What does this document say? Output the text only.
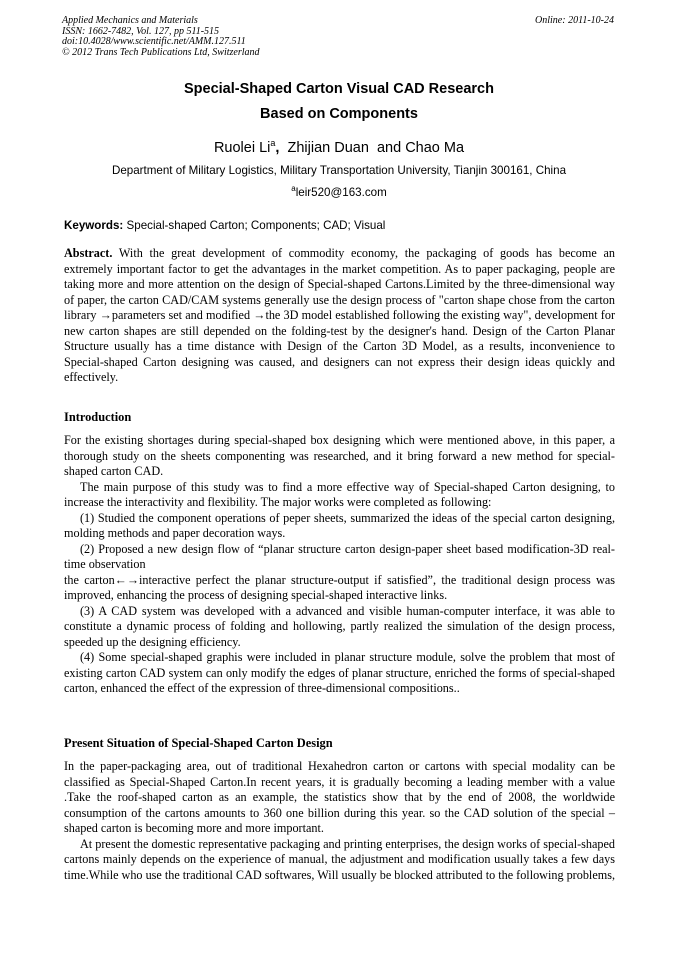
Applied Mechanics and Materials
ISSN: 1662-7482, Vol. 127, pp 511-515
doi:10.4028/www.scientific.net/AMM.127.511
© 2012 Trans Tech Publications Ltd, Switzerland
Online: 2011-10-24
Special-Shaped Carton Visual CAD Research
Based on Components
Ruolei Li$^a$, Zhijian Duan and Chao Ma
Department of Military Logistics, Military Transportation University, Tianjin 300161, China
$^a$leir520@163.com
Keywords: Special-shaped Carton; Components; CAD; Visual

Abstract. With the great development of commodity economy, the packaging of goods has become an extremely important factor to get the advantages in the market competition. As to paper packaging, people are taking more and more attention on the design of Special-shaped Cartons.Limited by the three-dimensional way of paper, the carton CAD/CAM systems generally use the design process of "carton shape chose from the carton library →parameters set and modified →the 3D model established following the existing way", development for new carton shapes are still depended on the folding-test by the designer's hand. Design of the Carton Planar Structure usually has a time distance with Design of the Carton 3D Model, as a results, inconvenience to Special-shaped Carton designing was caused, and designers can not express their design ideas quickly and effectively.

Introduction

For the existing shortages during special-shaped box designing which were mentioned above, in this paper, a thorough study on the sheets componenting was researched, and it bring forward a new method for special-shaped carton CAD.

The main purpose of this study was to find a more effective way of Special-shaped Carton designing, to increase the interactivity and flexibility. The major works were completed as following:

(1) Studied the component operations of peper sheets, summarized the ideas of the special carton designing, molding methods and paper decoration ways.

(2) Proposed a new design flow of “planar structure carton design-paper sheet based modification-3D real-time observation

the carton←→interactive perfect the planar structure-output if satisfied”, the traditional design process was improved, enhancing the process of designing special-shaped interactive links.

(3) A CAD system was developed with a advanced and visible human-computer interface, it was able to constitute a dynamic process of folding and hollowing, partly realized the simulation of the design process, speeded up the designing efficiency.

(4) Some special-shaped graphis were included in planar structure module, solve the problem that most of existing carton CAD system can only modify the edges of planar structure, enriched the forms of special-shaped carton, enhanced the effect of the expression of three-dimensional compositions..

Present Situation of Special-Shaped Carton Design

In the paper-packaging area, out of traditional Hexahedron carton or cartons with special modality can be classified as Special-Shaped Carton.In recent years, it is gradually becoming a leading member with a value .Take the roof-shaped carton as an example, the statistics show that by the end of 2008, the worldwide consumption of the cartons amounts to 360 one billion during this year. so the CAD solution of the special –shaped carton is becoming more and more important.

At present the domestic representative packaging and printing enterprises, the design works of special-shaped cartons mainly depends on the experience of manual, the adjustment and modification usually takes a few days time.While who use the traditional CAD softwares, Will usually be blocked attributed to the following problems,
